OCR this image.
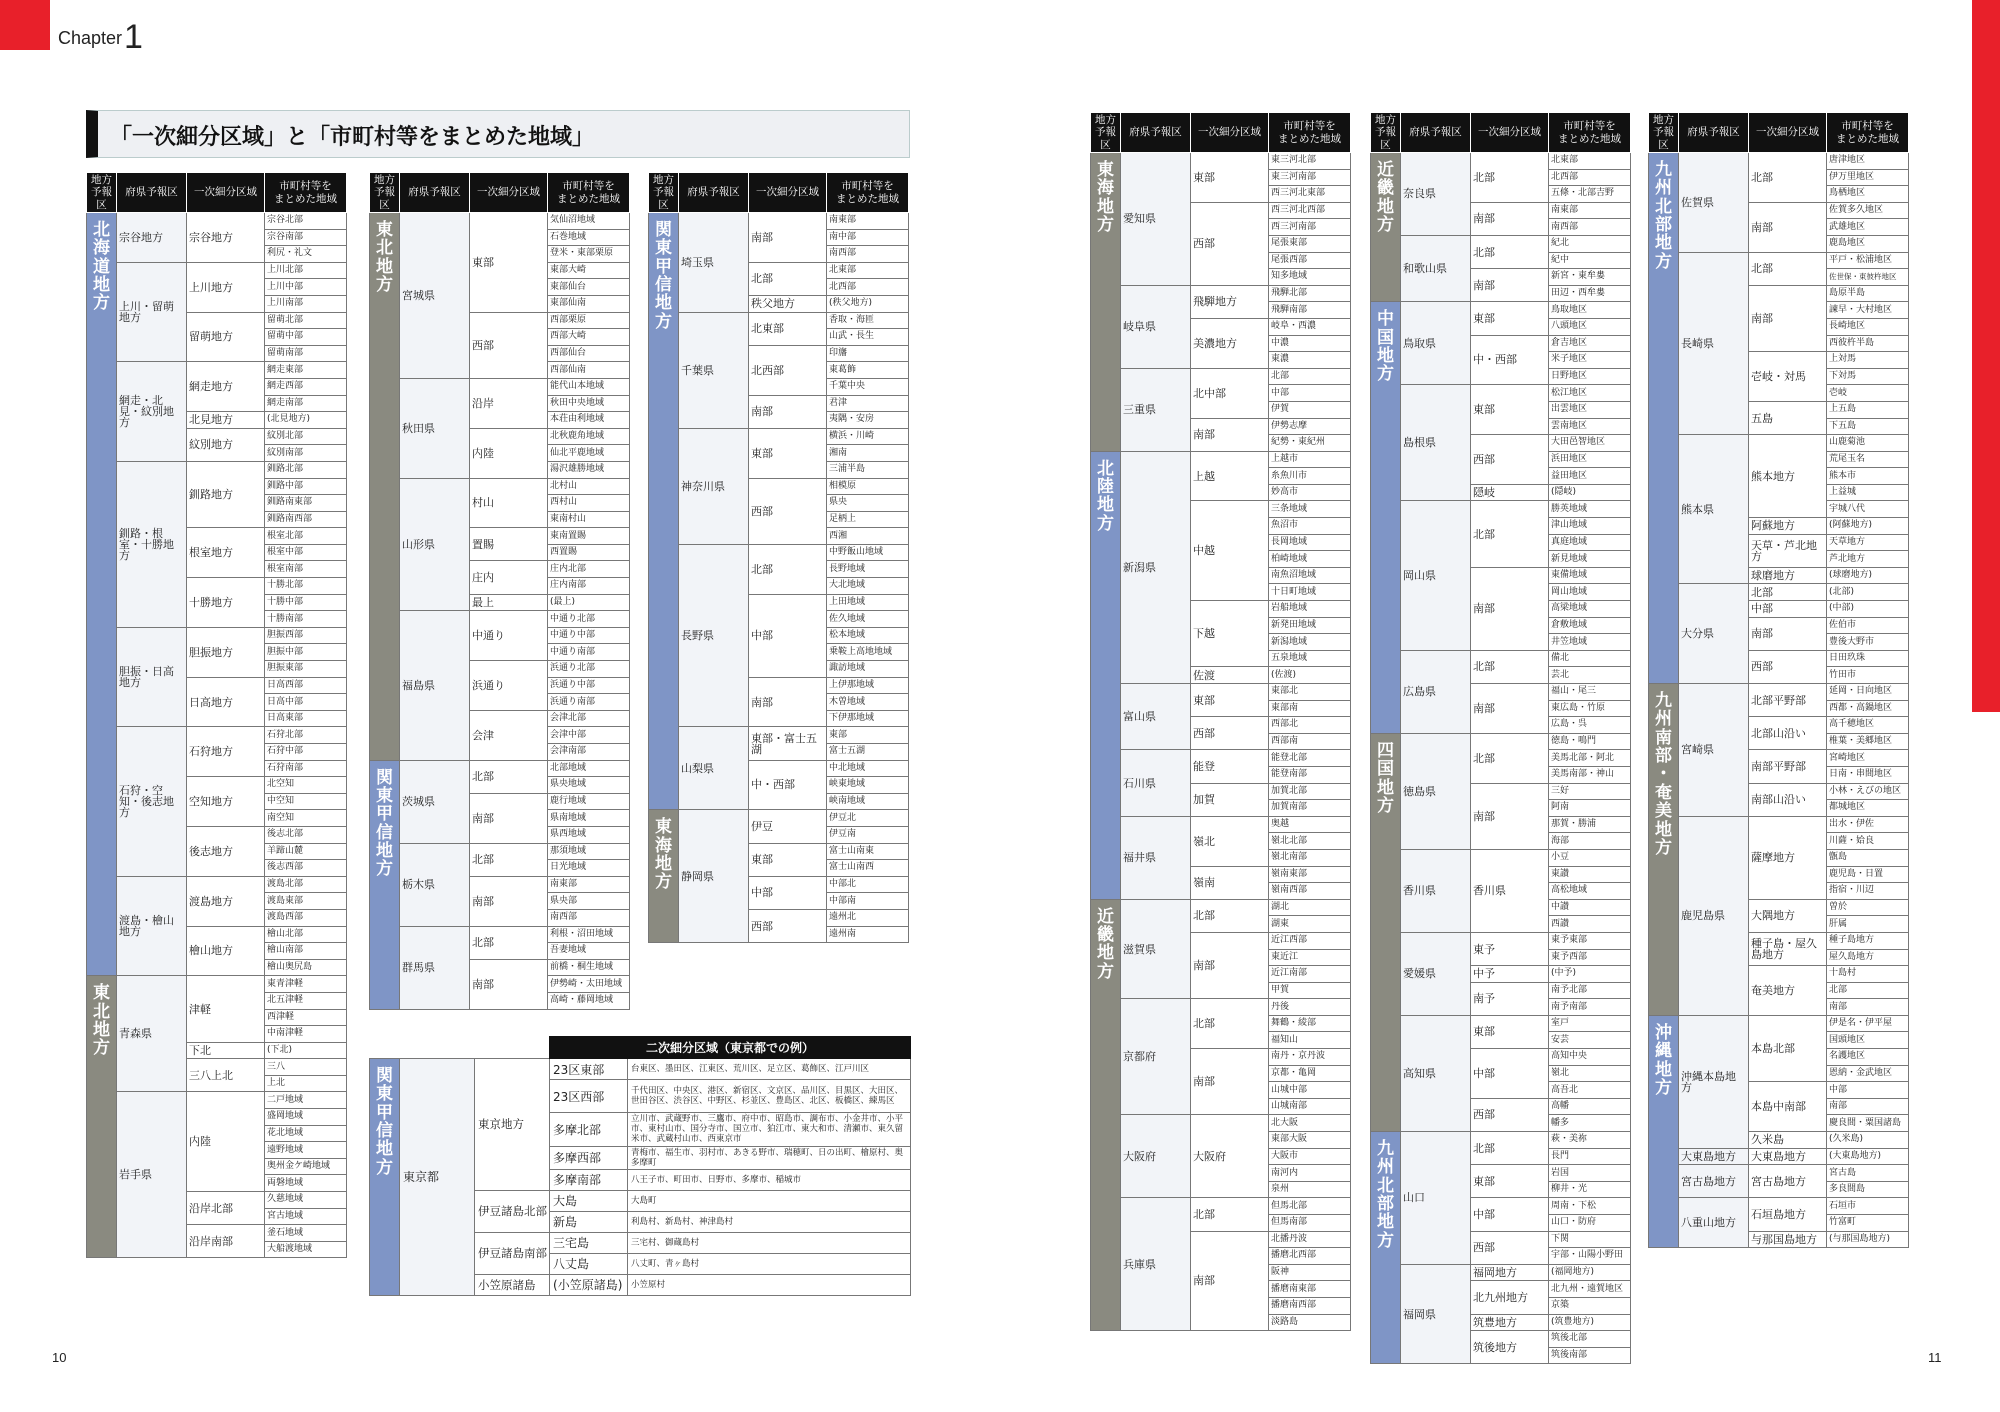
Chapter1
「一次細分区域」と「市町村等をまとめた地域」
地方
予報区	府県予報区	一次細分区域	市町村等を
まとめた地域
北 海 道 地 方	宗谷地方	宗谷地方	宗谷北部
			宗谷南部
			利尻・礼文
	上川・留萌地方	上川地方	上川北部
			上川中部
			上川南部
		留萌地方	留萌北部
			留萌中部
			留萌南部
	網走・北見・紋別地方	網走地方	網走東部
			網走西部
			網走南部
		北見地方	(北見地方)
		紋別地方	紋別北部
			紋別南部
	釧路・根室・十勝地方	釧路地方	釧路北部
			釧路中部
			釧路南東部
			釧路南西部
		根室地方	根室北部
			根室中部
			根室南部
		十勝地方	十勝北部
			十勝中部
			十勝南部
	胆振・日高地方	胆振地方	胆振西部
			胆振中部
			胆振東部
		日高地方	日高西部
			日高中部
			日高東部
	石狩・空知・後志地方	石狩地方	石狩北部
			石狩中部
			石狩南部
		空知地方	北空知
			中空知
			南空知
		後志地方	後志北部
			羊蹄山麓
			後志西部
	渡島・檜山地方	渡島地方	渡島北部
			渡島東部
			渡島西部
		檜山地方	檜山北部
			檜山南部
			檜山奥尻島
東 北 地 方	青森県	津軽	東青津軽
			北五津軽
			西津軽
			中南津軽
		下北	(下北)
		三八上北	三八
			上北
	岩手県	内陸	二戸地域
			盛岡地域
			花北地域
			遠野地域
			奥州金ケ崎地域
			両磐地域
		沿岸北部	久慈地域
			宮古地域
		沿岸南部	釜石地域
			大船渡地域
地方
予報区	府県予報区	一次細分区域	市町村等を
まとめた地域
東 北 地 方	宮城県	東部	気仙沼地域
			石巻地域
			登米・東部栗原
			東部大崎
			東部仙台
			東部仙南
		西部	西部栗原
			西部大崎
			西部仙台
			西部仙南
	秋田県	沿岸	能代山本地域
			秋田中央地域
			本荘由利地域
		内陸	北秋鹿角地域
			仙北平鹿地域
			湯沢雄勝地域
	山形県	村山	北村山
			西村山
			東南村山
		置賜	東南置賜
			西置賜
		庄内	庄内北部
			庄内南部
		最上	(最上)
	福島県	中通り	中通り北部
			中通り中部
			中通り南部
		浜通り	浜通り北部
			浜通り中部
			浜通り南部
		会津	会津北部
			会津中部
			会津南部
関 東 甲 信 地 方	茨城県	北部	北部地域
			県央地域
		南部	鹿行地域
			県南地域
			県西地域
	栃木県	北部	那須地域
			日光地域
		南部	南東部
			県央部
			南西部
	群馬県	北部	利根・沼田地域
			吾妻地域
		南部	前橋・桐生地域
			伊勢崎・太田地域
			高崎・藤岡地域
地方
予報区	府県予報区	一次細分区域	市町村等を
まとめた地域
関 東 甲 信 地 方	埼玉県	南部	南東部
			南中部
			南西部
		北部	北東部
			北西部
		秩父地方	(秩父地方)
	千葉県	北東部	香取・海匝
			山武・長生
		北西部	印旛
			東葛飾
			千葉中央
		南部	君津
			夷隅・安房
	神奈川県	東部	横浜・川崎
			湘南
			三浦半島
		西部	相模原
			県央
			足柄上
			西湘
	長野県	北部	中野飯山地域
			長野地域
			大北地域
		中部	上田地域
			佐久地域
			松本地域
			乗鞍上高地地域
			諏訪地域
		南部	上伊那地域
			木曽地域
			下伊那地域
	山梨県	東部・富士五湖	東部
			富士五湖
		中・西部	中北地域
			峡東地域
			峡南地域
東 海 地 方	静岡県	伊豆	伊豆北
			伊豆南
		東部	富士山南東
			富士山南西
		中部	中部北
			中部南
		西部	遠州北
			遠州南
地方
予報区	府県予報区	一次細分区域	市町村等を
まとめた地域
東 海 地 方	愛知県	東部	東三河北部
			東三河南部
			西三河北東部
		西部	西三河北西部
			西三河南部
			尾張東部
			尾張西部
			知多地域
	岐阜県	飛騨地方	飛騨北部
			飛騨南部
		美濃地方	岐阜・西濃
			中濃
			東濃
	三重県	北中部	北部
			中部
			伊賀
		南部	伊勢志摩
			紀勢・東紀州
北 陸 地 方	新潟県	上越	上越市
			糸魚川市
			妙高市
		中越	三条地域
			魚沼市
			長岡地域
			柏崎地域
			南魚沼地域
			十日町地域
		下越	岩船地域
			新発田地域
			新潟地域
			五泉地域
		佐渡	(佐渡)
	富山県	東部	東部北
			東部南
		西部	西部北
			西部南
	石川県	能登	能登北部
			能登南部
		加賀	加賀北部
			加賀南部
	福井県	嶺北	奥越
			嶺北北部
			嶺北南部
		嶺南	嶺南東部
			嶺南西部
近 畿 地 方	滋賀県	北部	湖北
			湖東
		南部	近江西部
			東近江
			近江南部
			甲賀
	京都府	北部	丹後
			舞鶴・綾部
			福知山
		南部	南丹・京丹波
			京都・亀岡
			山城中部
			山城南部
	大阪府	大阪府	北大阪
			東部大阪
			大阪市
			南河内
			泉州
	兵庫県	北部	但馬北部
			但馬南部
		南部	北播丹波
			播磨北西部
			阪神
			播磨南東部
			播磨南西部
			淡路島
地方
予報区	府県予報区	一次細分区域	市町村等を
まとめた地域
近 畿 地 方	奈良県	北部	北東部
			北西部
			五條・北部吉野
		南部	南東部
			南西部
	和歌山県	北部	紀北
			紀中
		南部	新宮・東牟婁
			田辺・西牟婁
中 国 地 方	鳥取県	東部	鳥取地区
			八頭地区
		中・西部	倉吉地区
			米子地区
			日野地区
	島根県	東部	松江地区
			出雲地区
			雲南地区
		西部	大田邑智地区
			浜田地区
			益田地区
		隠岐	(隠岐)
	岡山県	北部	勝英地域
			津山地域
			真庭地域
			新見地域
		南部	東備地域
			岡山地域
			高梁地域
			倉敷地域
			井笠地域
	広島県	北部	備北
			芸北
		南部	福山・尾三
			東広島・竹原
			広島・呉
四 国 地 方	徳島県	北部	徳島・鳴門
			美馬北部・阿北
			美馬南部・神山
		南部	三好
			阿南
			那賀・勝浦
			海部
	香川県	香川県	小豆
			東讃
			高松地域
			中讃
			西讃
	愛媛県	東予	東予東部
			東予西部
		中予	(中予)
		南予	南予北部
			南予南部
	高知県	東部	室戸
			安芸
		中部	高知中央
			嶺北
			高吾北
		西部	高幡
			幡多
九 州 北 部 地 方	山口	北部	萩・美祢
			長門
		東部	岩国
			柳井・光
		中部	周南・下松
			山口・防府
		西部	下関
			宇部・山陽小野田
	福岡県	福岡地方	(福岡地方)
		北九州地方	北九州・遠賀地区
			京築
		筑豊地方	(筑豊地方)
		筑後地方	筑後北部
			筑後南部
地方
予報区	府県予報区	一次細分区域	市町村等を
まとめた地域
九 州 北 部 地 方	佐賀県	北部	唐津地区
			伊万里地区
			鳥栖地区
		南部	佐賀多久地区
			武雄地区
			鹿島地区
	長崎県	北部	平戸・松浦地区
			佐世保・東彼杵地区
		南部	島原半島
			諫早・大村地区
			長崎地区
			西彼杵半島
		壱岐・対馬	上対馬
			下対馬
			壱岐
		五島	上五島
			下五島
	熊本県	熊本地方	山鹿菊池
			荒尾玉名
			熊本市
			上益城
			宇城八代
		阿蘇地方	(阿蘇地方)
		天草・芦北地方	天草地方
			芦北地方
		球磨地方	(球磨地方)
	大分県	北部	(北部)
		中部	(中部)
		南部	佐伯市
			豊後大野市
		西部	日田玖珠
			竹田市
九 州 南 部 ・ 奄 美 地 方	宮崎県	北部平野部	延岡・日向地区
			西都・高鍋地区
		北部山沿い	高千穂地区
			椎葉・美郷地区
		南部平野部	宮崎地区
			日南・串間地区
		南部山沿い	小林・えびの地区
			都城地区
	鹿児島県	薩摩地方	出水・伊佐
			川薩・姶良
			甑島
			鹿児島・日置
			指宿・川辺
		大隅地方	曽於
			肝属
		種子島・屋久島地方	種子島地方
			屋久島地方
		奄美地方	十島村
			北部
			南部
沖 縄 地 方	沖縄本島地方	本島北部	伊是名・伊平屋
			国頭地区
			名護地区
			恩納・金武地区
		本島中南部	中部
			南部
			慶良間・粟国諸島
		久米島	(久米島)
	大東島地方	大東島地方	(大東島地方)
	宮古島地方	宮古島地方	宮古島
			多良間島
	八重山地方	石垣島地方	石垣市
			竹富町
		与那国島地方	(与那国島地方)
			二次細分区域（東京都での例）	
関 東 甲 信 地 方	東京都	東京地方	23区東部	台東区、墨田区、江東区、荒川区、足立区、葛飾区、江戸川区
			23区西部	千代田区、中央区、港区、新宿区、文京区、品川区、目黒区、大田区、世田谷区、渋谷区、中野区、杉並区、豊島区、北区、板橋区、練馬区
			多摩北部	立川市、武蔵野市、三鷹市、府中市、昭島市、調布市、小金井市、小平市、東村山市、国分寺市、国立市、狛江市、東大和市、清瀬市、東久留米市、武蔵村山市、西東京市
			多摩西部	青梅市、福生市、羽村市、あきる野市、瑞穂町、日の出町、檜原村、奥多摩町
			多摩南部	八王子市、町田市、日野市、多摩市、稲城市
		伊豆諸島北部	大島	大島町
			新島	利島村、新島村、神津島村
		伊豆諸島南部	三宅島	三宅村、御蔵島村
			八丈島	八丈町、青ヶ島村
		小笠原諸島	(小笠原諸島)	小笠原村
10	11
